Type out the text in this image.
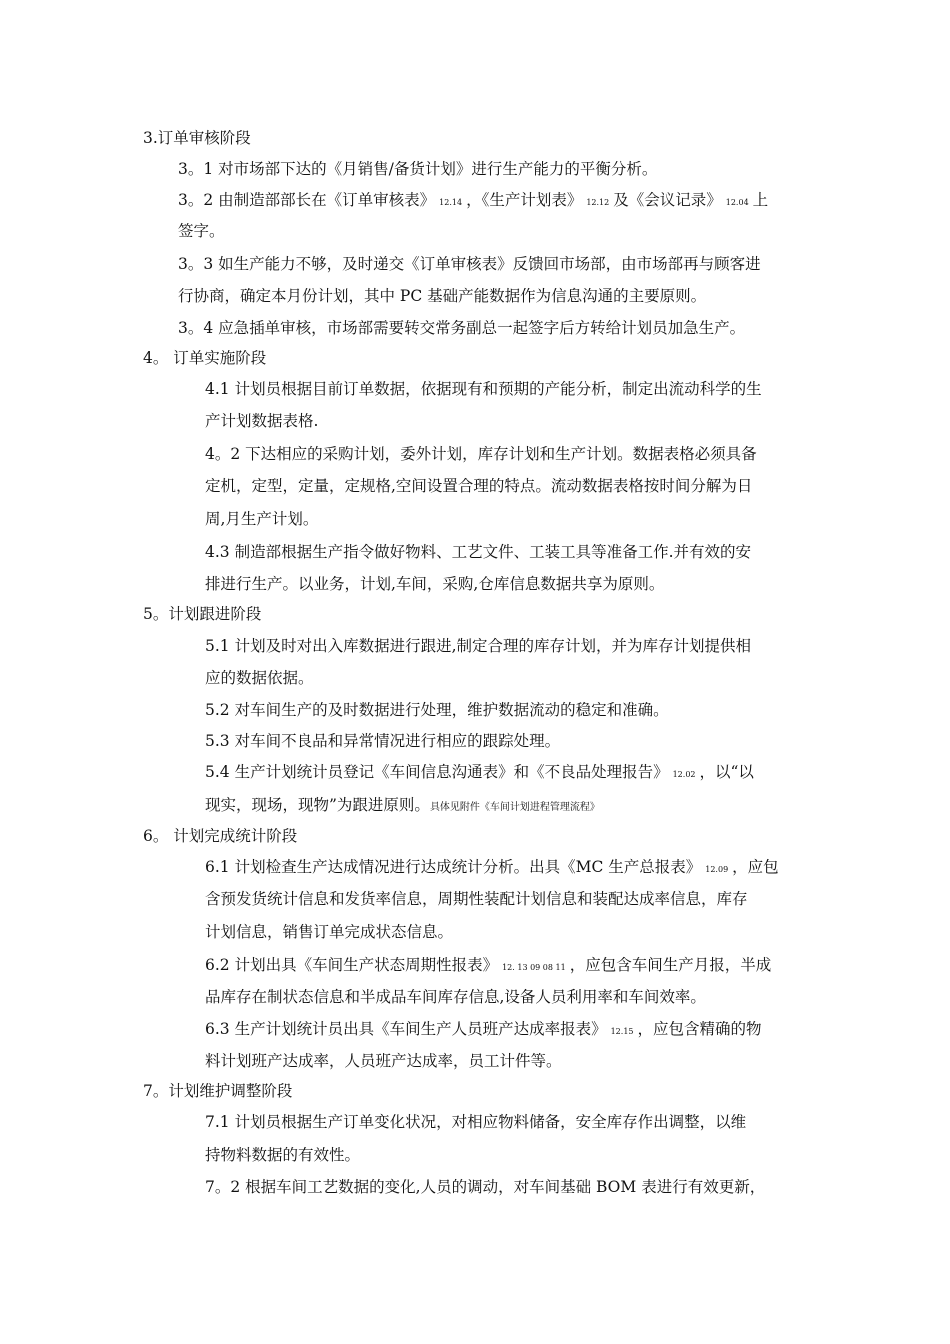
3.订单审核阶段
3。1 对市场部下达的《月销售/备货计划》进行生产能力的平衡分析。
3。2 由制造部部长在《订单审核表》 12.14 ，《生产计划表》 12.12 及《会议记录》 12.04 上
签字。
3。3 如生产能力不够，及时递交《订单审核表》反馈回市场部，由市场部再与顾客进
行协商，确定本月份计划，其中 PC 基础产能数据作为信息沟通的主要原则。
3。4 应急插单审核，市场部需要转交常务副总一起签字后方转给计划员加急生产。
4。 订单实施阶段
4.1 计划员根据目前订单数据，依据现有和预期的产能分析，制定出流动科学的生
产计划数据表格.
4。2 下达相应的采购计划，委外计划，库存计划和生产计划。数据表格必须具备
定机，定型，定量，定规格,空间设置合理的特点。流动数据表格按时间分解为日
周,月生产计划。
4.3 制造部根据生产指令做好物料、工艺文件、工装工具等准备工作.并有效的安
排进行生产。以业务，计划,车间，采购,仓库信息数据共享为原则。
5。计划跟进阶段
5.1 计划及时对出入库数据进行跟进,制定合理的库存计划，并为库存计划提供相
应的数据依据。
5.2 对车间生产的及时数据进行处理，维护数据流动的稳定和准确。
5.3 对车间不良品和异常情况进行相应的跟踪处理。
5.4 生产计划统计员登记《车间信息沟通表》和《不良品处理报告》 12.02 ，以“以
现实，现场，现物”为跟进原则。具体见附件《车间计划进程管理流程》
6。 计划完成统计阶段
6.1 计划检查生产达成情况进行达成统计分析。出具《MC 生产总报表》 12.09 ，应包
含预发货统计信息和发货率信息，周期性装配计划信息和装配达成率信息，库存
计划信息，销售订单完成状态信息。
6.2 计划出具《车间生产状态周期性报表》 12. 13 09 08 11 ，应包含车间生产月报，半成
品库存在制状态信息和半成品车间库存信息,设备人员利用率和车间效率。
6.3 生产计划统计员出具《车间生产人员班产达成率报表》 12.15 ，应包含精确的物
料计划班产达成率，人员班产达成率，员工计件等。
7。计划维护调整阶段
7.1 计划员根据生产订单变化状况，对相应物料储备，安全库存作出调整，以维
持物料数据的有效性。
7。2 根据车间工艺数据的变化,人员的调动，对车间基础 BOM 表进行有效更新，
